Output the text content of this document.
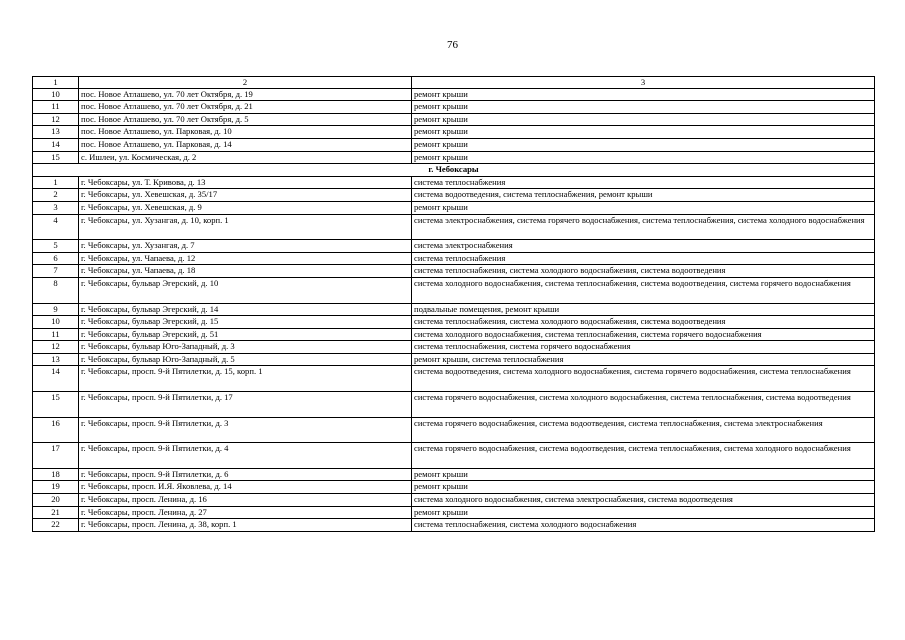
76
1	2	3
10	пос. Новое Атлашево, ул. 70 лет Октября, д. 19	ремонт крыши
11	пос. Новое Атлашево, ул. 70 лет Октября, д. 21	ремонт крыши
12	пос. Новое Атлашево, ул. 70 лет Октября, д. 5	ремонт крыши
13	пос. Новое Атлашево, ул. Парковая, д. 10	ремонт крыши
14	пос. Новое Атлашево, ул. Парковая, д. 14	ремонт крыши
15	с. Ишлеи, ул. Космическая, д. 2	ремонт крыши
г. Чебоксары		
1	г. Чебоксары, ул. Т. Кривова, д. 13	система теплоснабжения
2	г. Чебоксары, ул. Хевешская, д. 35/17	система водоотведения, система теплоснабжения, ремонт крыши
3	г. Чебоксары, ул. Хевешская, д. 9	ремонт крыши
4	г. Чебоксары, ул. Хузангая, д. 10, корп. 1	система электроснабжения, система горячего водоснабжения, система теплоснабжения, система холодного водоснабжения
5	г. Чебоксары, ул. Хузангая, д. 7	система электроснабжения
6	г. Чебоксары, ул. Чапаева, д. 12	система теплоснабжения
7	г. Чебоксары, ул. Чапаева, д. 18	система теплоснабжения, система холодного водоснабжения, система водоотведения
8	г. Чебоксары, бульвар Эгерский, д. 10	система холодного водоснабжения, система теплоснабжения, система водоотведения, система горячего водоснабжения
9	г. Чебоксары, бульвар Эгерский, д. 14	подвальные помещения, ремонт крыши
10	г. Чебоксары, бульвар Эгерский, д. 15	система теплоснабжения, система холодного водоснабжения, система водоотведения
11	г. Чебоксары, бульвар Эгерский, д. 51	система холодного водоснабжения, система теплоснабжения, система горячего водоснабжения
12	г. Чебоксары, бульвар Юго-Западный, д. 3	система теплоснабжения, система горячего водоснабжения
13	г. Чебоксары, бульвар Юго-Западный, д. 5	ремонт крыши, система теплоснабжения
14	г. Чебоксары, просп. 9-й Пятилетки, д. 15, корп. 1	система водоотведения, система холодного водоснабжения, система горячего водоснабжения, система теплоснабжения
15	г. Чебоксары, просп. 9-й Пятилетки, д. 17	система горячего водоснабжения, система холодного водоснабжения, система теплоснабжения, система водоотведения
16	г. Чебоксары, просп. 9-й Пятилетки, д. 3	система горячего водоснабжения, система водоотведения, система теплоснабжения, система электроснабжения
17	г. Чебоксары, просп. 9-й Пятилетки, д. 4	система горячего водоснабжения, система водоотведения, система теплоснабжения, система холодного водоснабжения
18	г. Чебоксары, просп. 9-й Пятилетки, д. 6	ремонт крыши
19	г. Чебоксары, просп. И.Я. Яковлева, д. 14	ремонт крыши
20	г. Чебоксары, просп. Ленина, д. 16	система холодного водоснабжения, система электроснабжения, система водоотведения
21	г. Чебоксары, просп. Ленина, д. 27	ремонт крыши
22	г. Чебоксары, просп. Ленина, д. 38, корп. 1	система теплоснабжения, система холодного водоснабжения
